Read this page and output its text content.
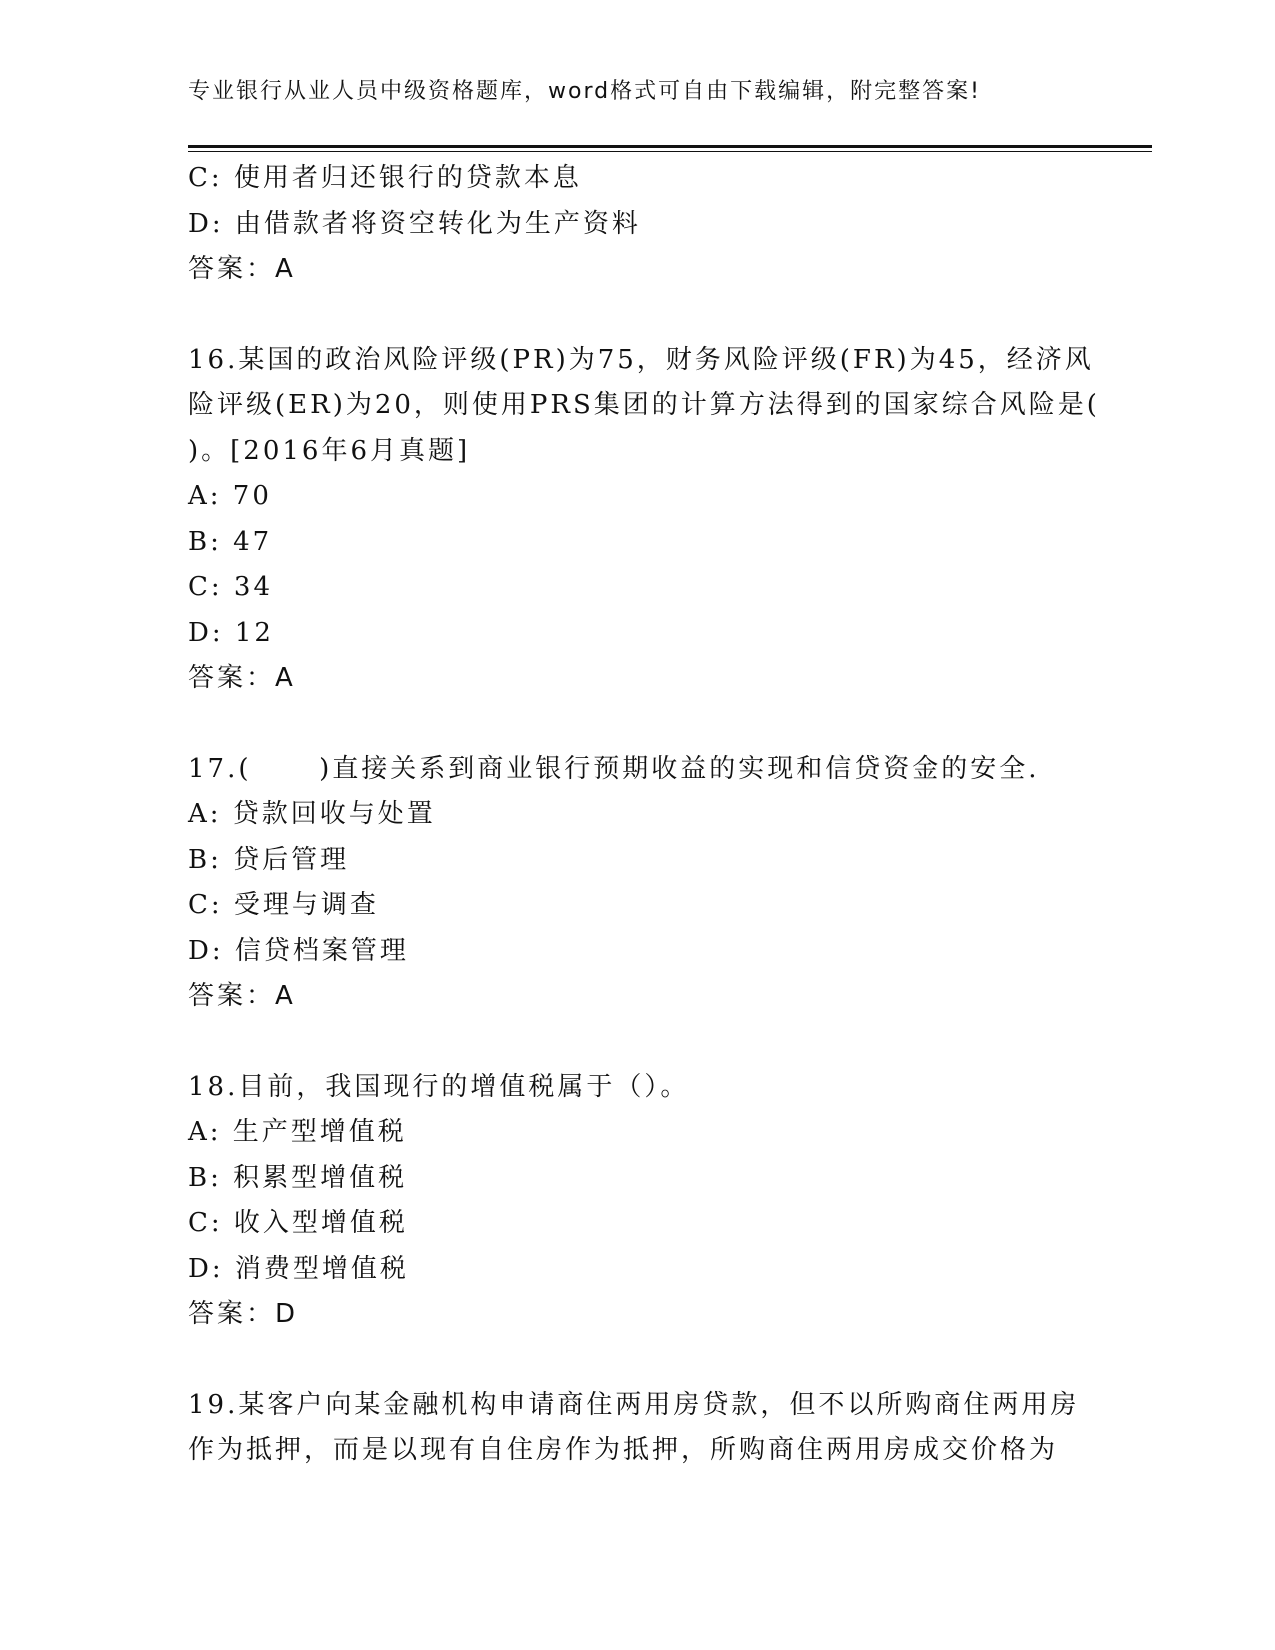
专业银行从业人员中级资格题库，word格式可自由下载编辑，附完整答案!
C: 使用者归还银行的贷款本息
D: 由借款者将资空转化为生产资料
答案：A
16.某国的政治风险评级(PR)为75，财务风险评级(FR)为45，经济风
险评级(ER)为20，则使用PRS集团的计算方法得到的国家综合风险是(
)。[2016年6月真题]
A: 70
B: 47
C: 34
D: 12
答案：A
17.(      )直接关系到商业银行预期收益的实现和信贷资金的安全.
A: 贷款回收与处置
B: 贷后管理
C: 受理与调查
D: 信贷档案管理
答案：A
18.目前，我国现行的增值税属于（）。
A: 生产型增值税
B: 积累型增值税
C: 收入型增值税
D: 消费型增值税
答案：D
19.某客户向某金融机构申请商住两用房贷款，但不以所购商住两用房
作为抵押，而是以现有自住房作为抵押，所购商住两用房成交价格为
